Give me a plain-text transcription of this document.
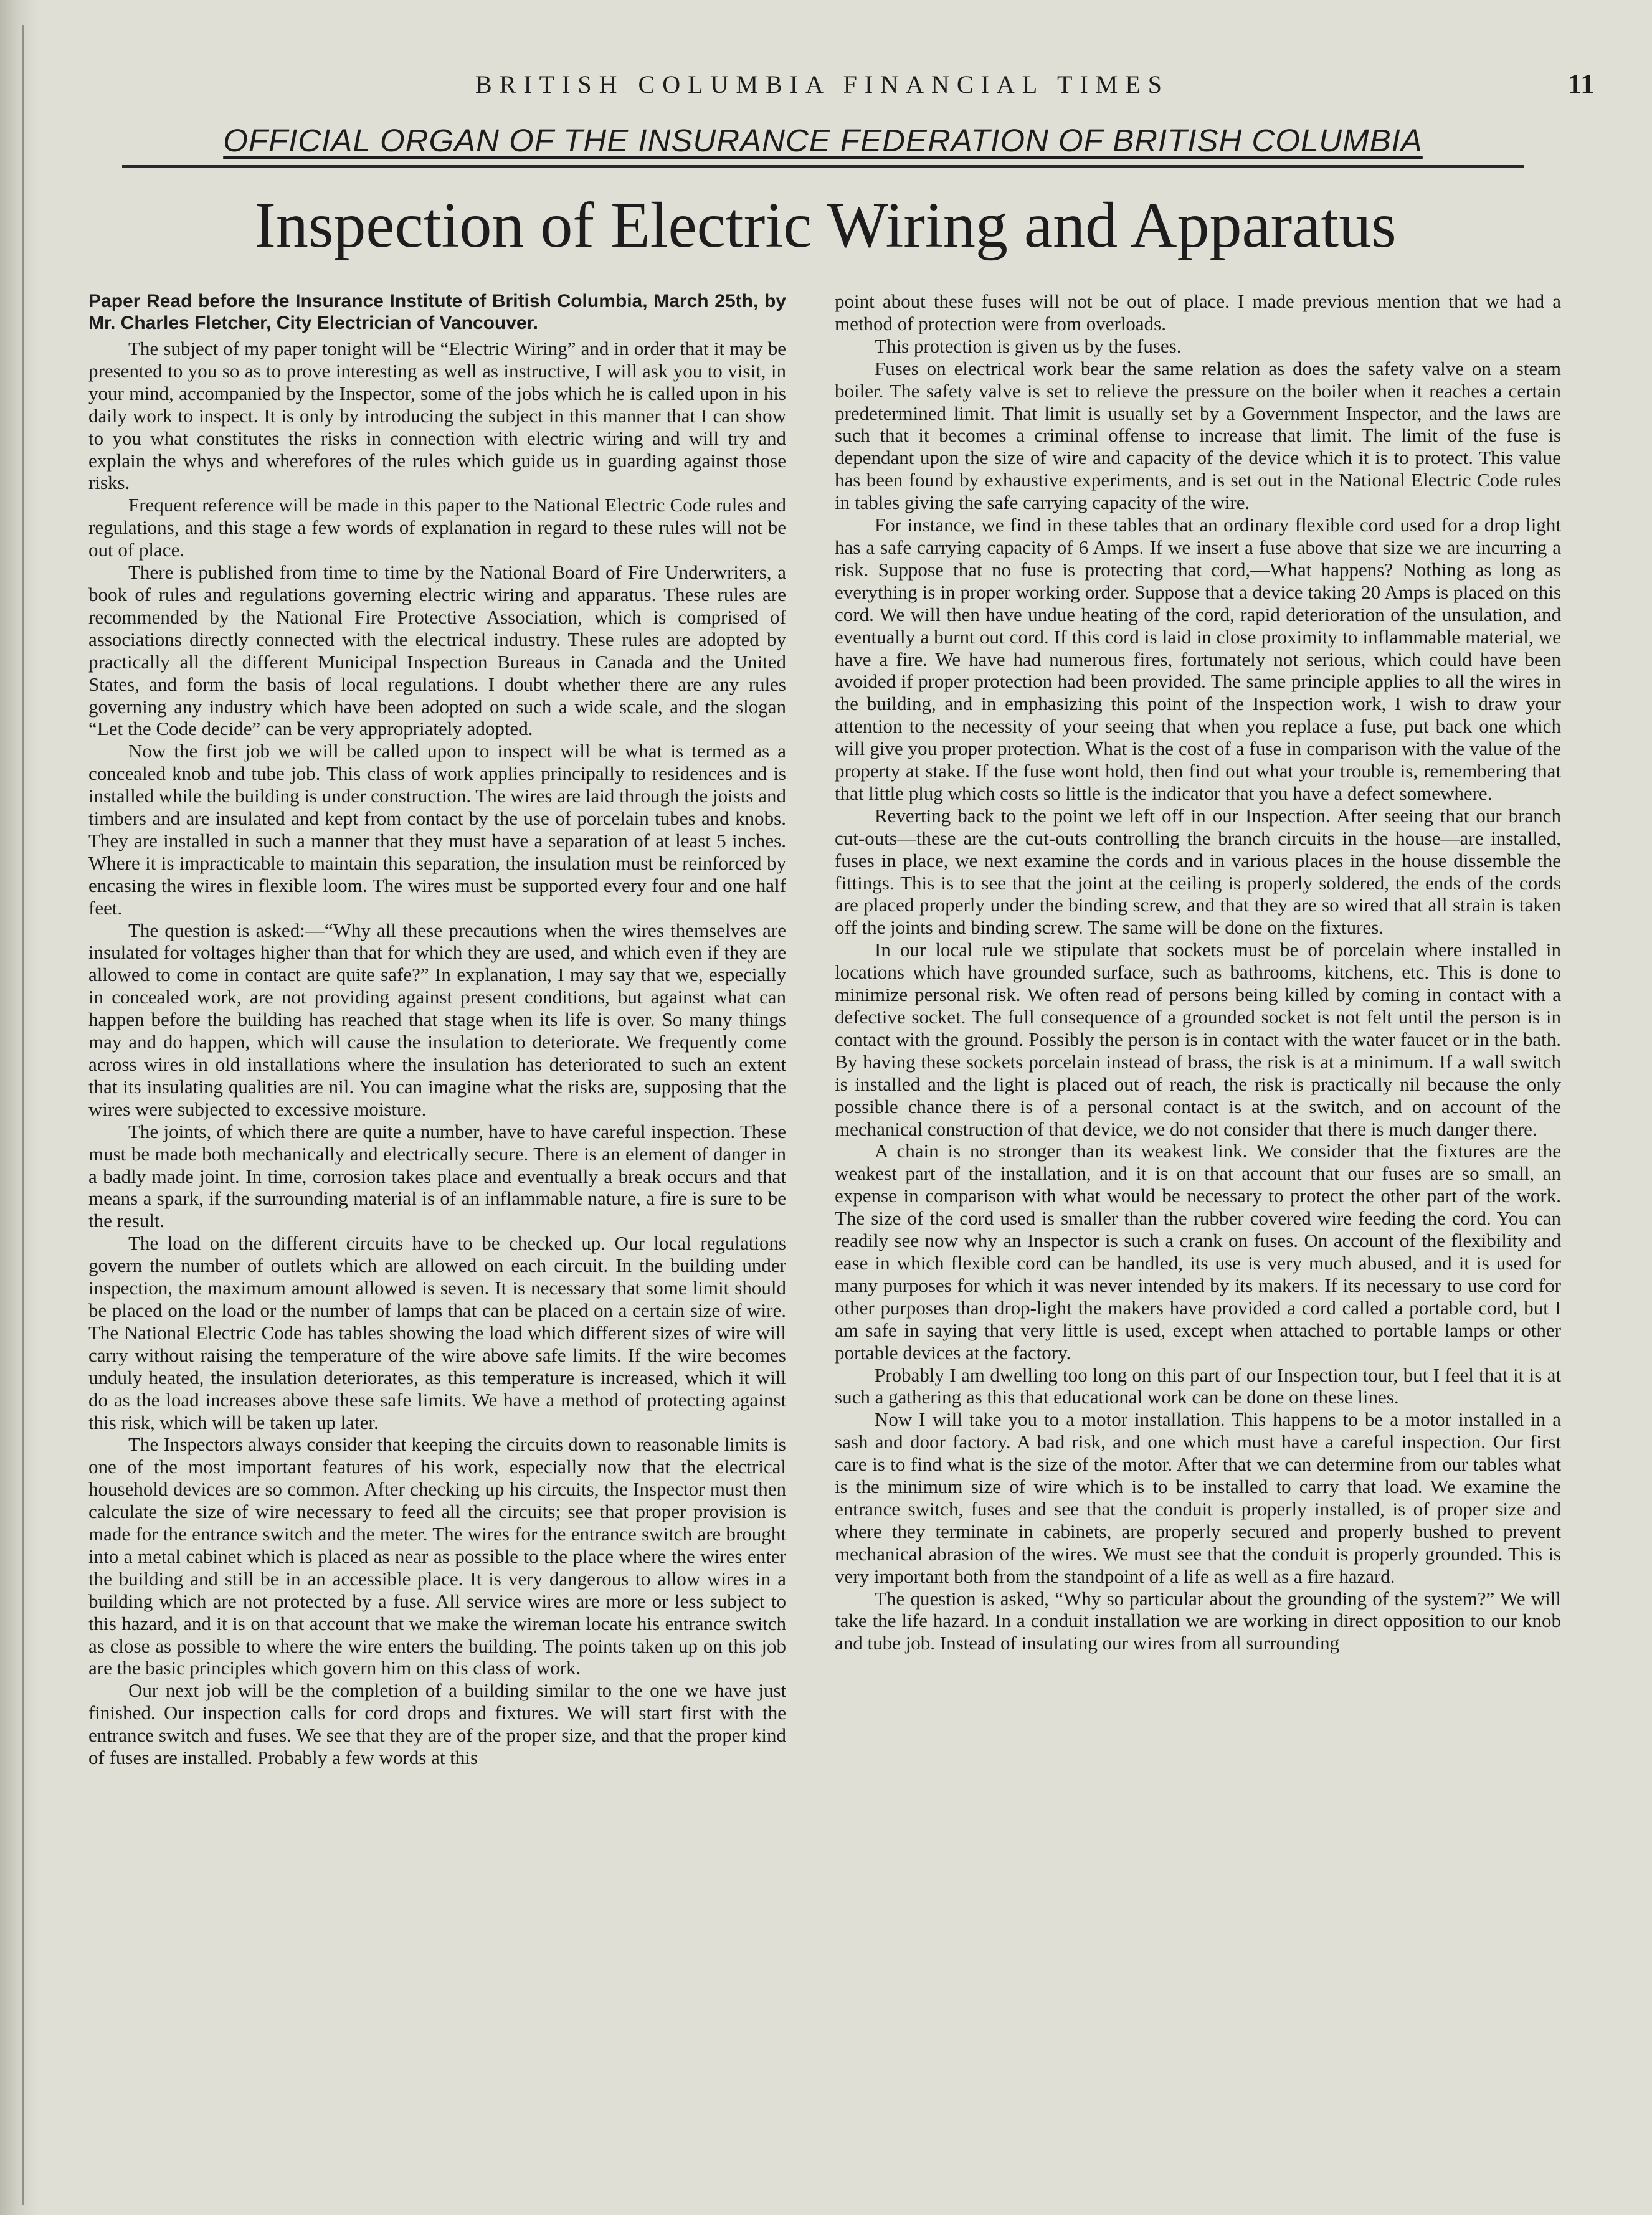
BRITISH COLUMBIA FINANCIAL TIMES	11
OFFICIAL ORGAN OF THE INSURANCE FEDERATION OF BRITISH COLUMBIA
Inspection of Electric Wiring and Apparatus

Paper Read before the Insurance Institute of British Columbia, March 25th, by Mr. Charles Fletcher, City Electrician of Vancouver.

The subject of my paper tonight will be “Electric Wiring” and in order that it may be presented to you so as to prove interesting as well as instructive, I will ask you to visit, in your mind, accompanied by the Inspector, some of the jobs which he is called upon in his daily work to inspect. It is only by introducing the subject in this manner that I can show to you what constitutes the risks in connection with electric wiring and will try and explain the whys and wherefores of the rules which guide us in guarding against those risks.

Frequent reference will be made in this paper to the National Electric Code rules and regulations, and this stage a few words of explanation in regard to these rules will not be out of place.

There is published from time to time by the National Board of Fire Underwriters, a book of rules and regulations governing electric wiring and apparatus. These rules are recommended by the National Fire Protective Association, which is comprised of associations directly connected with the electrical industry. These rules are adopted by practically all the different Municipal Inspection Bureaus in Canada and the United States, and form the basis of local regulations. I doubt whether there are any rules governing any industry which have been adopted on such a wide scale, and the slogan “Let the Code decide” can be very appropriately adopted.

Now the first job we will be called upon to inspect will be what is termed as a concealed knob and tube job. This class of work applies principally to residences and is installed while the building is under construction. The wires are laid through the joists and timbers and are insulated and kept from contact by the use of porcelain tubes and knobs. They are installed in such a manner that they must have a separation of at least 5 inches. Where it is impracticable to maintain this separation, the insulation must be reinforced by encasing the wires in flexible loom. The wires must be supported every four and one half feet.

The question is asked:—“Why all these precautions when the wires themselves are insulated for voltages higher than that for which they are used, and which even if they are allowed to come in contact are quite safe?” In explanation, I may say that we, especially in concealed work, are not providing against present conditions, but against what can happen before the building has reached that stage when its life is over. So many things may and do happen, which will cause the insulation to deteriorate. We frequently come across wires in old installations where the insulation has deteriorated to such an extent that its insulating qualities are nil. You can imagine what the risks are, supposing that the wires were subjected to excessive moisture.

The joints, of which there are quite a number, have to have careful inspection. These must be made both mechanically and electrically secure. There is an element of danger in a badly made joint. In time, corrosion takes place and eventually a break occurs and that means a spark, if the surrounding material is of an inflammable nature, a fire is sure to be the result.

The load on the different circuits have to be checked up. Our local regulations govern the number of outlets which are allowed on each circuit. In the building under inspection, the maximum amount allowed is seven. It is necessary that some limit should be placed on the load or the number of lamps that can be placed on a certain size of wire. The National Electric Code has tables showing the load which different sizes of wire will carry without raising the temperature of the wire above safe limits. If the wire becomes unduly heated, the insulation deteriorates, as this temperature is increased, which it will do as the load increases above these safe limits. We have a method of protecting against this risk, which will be taken up later.

The Inspectors always consider that keeping the circuits down to reasonable limits is one of the most important features of his work, especially now that the electrical household devices are so common. After checking up his circuits, the Inspector must then calculate the size of wire necessary to feed all the circuits; see that proper provision is made for the entrance switch and the meter. The wires for the entrance switch are brought into a metal cabinet which is placed as near as possible to the place where the wires enter the building and still be in an accessible place. It is very dangerous to allow wires in a building which are not protected by a fuse. All service wires are more or less subject to this hazard, and it is on that account that we make the wireman locate his entrance switch as close as possible to where the wire enters the building. The points taken up on this job are the basic principles which govern him on this class of work.

Our next job will be the completion of a building similar to the one we have just finished. Our inspection calls for cord drops and fixtures. We will start first with the entrance switch and fuses. We see that they are of the proper size, and that the proper kind of fuses are installed. Probably a few words at this

point about these fuses will not be out of place. I made previous mention that we had a method of protection were from overloads.

This protection is given us by the fuses.

Fuses on electrical work bear the same relation as does the safety valve on a steam boiler. The safety valve is set to relieve the pressure on the boiler when it reaches a certain predetermined limit. That limit is usually set by a Government Inspector, and the laws are such that it becomes a criminal offense to increase that limit. The limit of the fuse is dependant upon the size of wire and capacity of the device which it is to protect. This value has been found by exhaustive experiments, and is set out in the National Electric Code rules in tables giving the safe carrying capacity of the wire.

For instance, we find in these tables that an ordinary flexible cord used for a drop light has a safe carrying capacity of 6 Amps. If we insert a fuse above that size we are incurring a risk. Suppose that no fuse is protecting that cord,—What happens? Nothing as long as everything is in proper working order. Suppose that a device taking 20 Amps is placed on this cord. We will then have undue heating of the cord, rapid deterioration of the unsulation, and eventually a burnt out cord. If this cord is laid in close proximity to inflammable material, we have a fire. We have had numerous fires, fortunately not serious, which could have been avoided if proper protection had been provided. The same principle applies to all the wires in the building, and in emphasizing this point of the Inspection work, I wish to draw your attention to the necessity of your seeing that when you replace a fuse, put back one which will give you proper protection. What is the cost of a fuse in comparison with the value of the property at stake. If the fuse wont hold, then find out what your trouble is, remembering that that little plug which costs so little is the indicator that you have a defect somewhere.

Reverting back to the point we left off in our Inspection. After seeing that our branch cut-outs—these are the cut-outs controlling the branch circuits in the house—are installed, fuses in place, we next examine the cords and in various places in the house dissemble the fittings. This is to see that the joint at the ceiling is properly soldered, the ends of the cords are placed properly under the binding screw, and that they are so wired that all strain is taken off the joints and binding screw. The same will be done on the fixtures.

In our local rule we stipulate that sockets must be of porcelain where installed in locations which have grounded surface, such as bathrooms, kitchens, etc. This is done to minimize personal risk. We often read of persons being killed by coming in contact with a defective socket. The full consequence of a grounded socket is not felt until the person is in contact with the ground. Possibly the person is in contact with the water faucet or in the bath. By having these sockets porcelain instead of brass, the risk is at a minimum. If a wall switch is installed and the light is placed out of reach, the risk is practically nil because the only possible chance there is of a personal contact is at the switch, and on account of the mechanical construction of that device, we do not consider that there is much danger there.

A chain is no stronger than its weakest link. We consider that the fixtures are the weakest part of the installation, and it is on that account that our fuses are so small, an expense in comparison with what would be necessary to protect the other part of the work. The size of the cord used is smaller than the rubber covered wire feeding the cord. You can readily see now why an Inspector is such a crank on fuses. On account of the flexibility and ease in which flexible cord can be handled, its use is very much abused, and it is used for many purposes for which it was never intended by its makers. If its necessary to use cord for other purposes than drop-light the makers have provided a cord called a portable cord, but I am safe in saying that very little is used, except when attached to portable lamps or other portable devices at the factory.

Probably I am dwelling too long on this part of our Inspection tour, but I feel that it is at such a gathering as this that educational work can be done on these lines.

Now I will take you to a motor installation. This happens to be a motor installed in a sash and door factory. A bad risk, and one which must have a careful inspection. Our first care is to find what is the size of the motor. After that we can determine from our tables what is the minimum size of wire which is to be installed to carry that load. We examine the entrance switch, fuses and see that the conduit is properly installed, is of proper size and where they terminate in cabinets, are properly secured and properly bushed to prevent mechanical abrasion of the wires. We must see that the conduit is properly grounded. This is very important both from the standpoint of a life as well as a fire hazard.

The question is asked, “Why so particular about the grounding of the system?” We will take the life hazard. In a conduit installation we are working in direct opposition to our knob and tube job. Instead of insulating our wires from all surrounding
